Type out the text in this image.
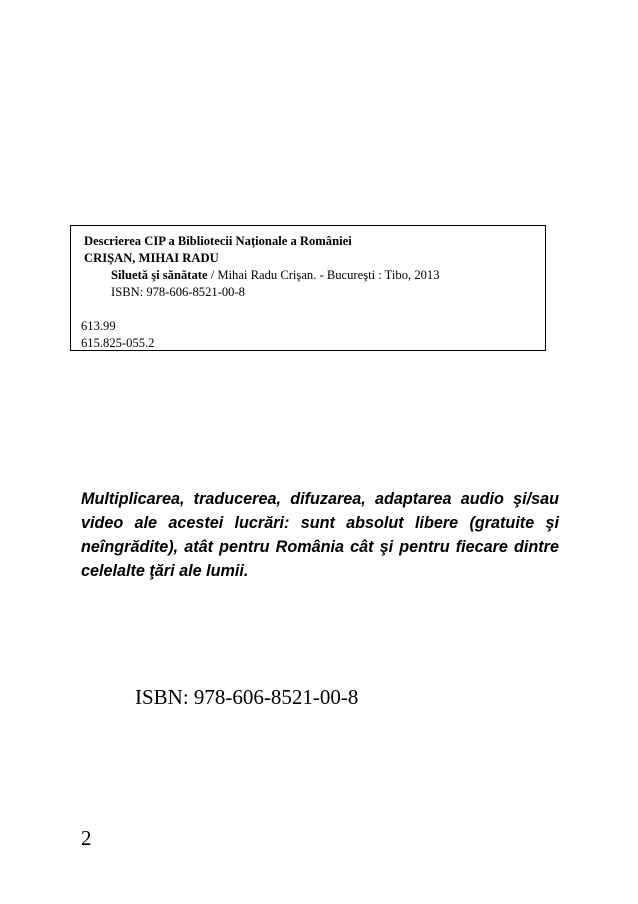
Descrierea CIP a Bibliotecii Naţionale a României
CRIŞAN, MIHAI RADU
Siluetă şi sănătate / Mihai Radu Crişan. - Bucureşti : Tibo, 2013
ISBN: 978-606-8521-00-8
613.99
615.825-055.2
Multiplicarea, traducerea, difuzarea, adaptarea audio şi/sau video ale acestei lucrări: sunt absolut libere (gratuite şi neîngrădite), atât pentru România cât şi pentru fiecare dintre celelalte ţări ale lumii.
ISBN: 978-606-8521-00-8
2
